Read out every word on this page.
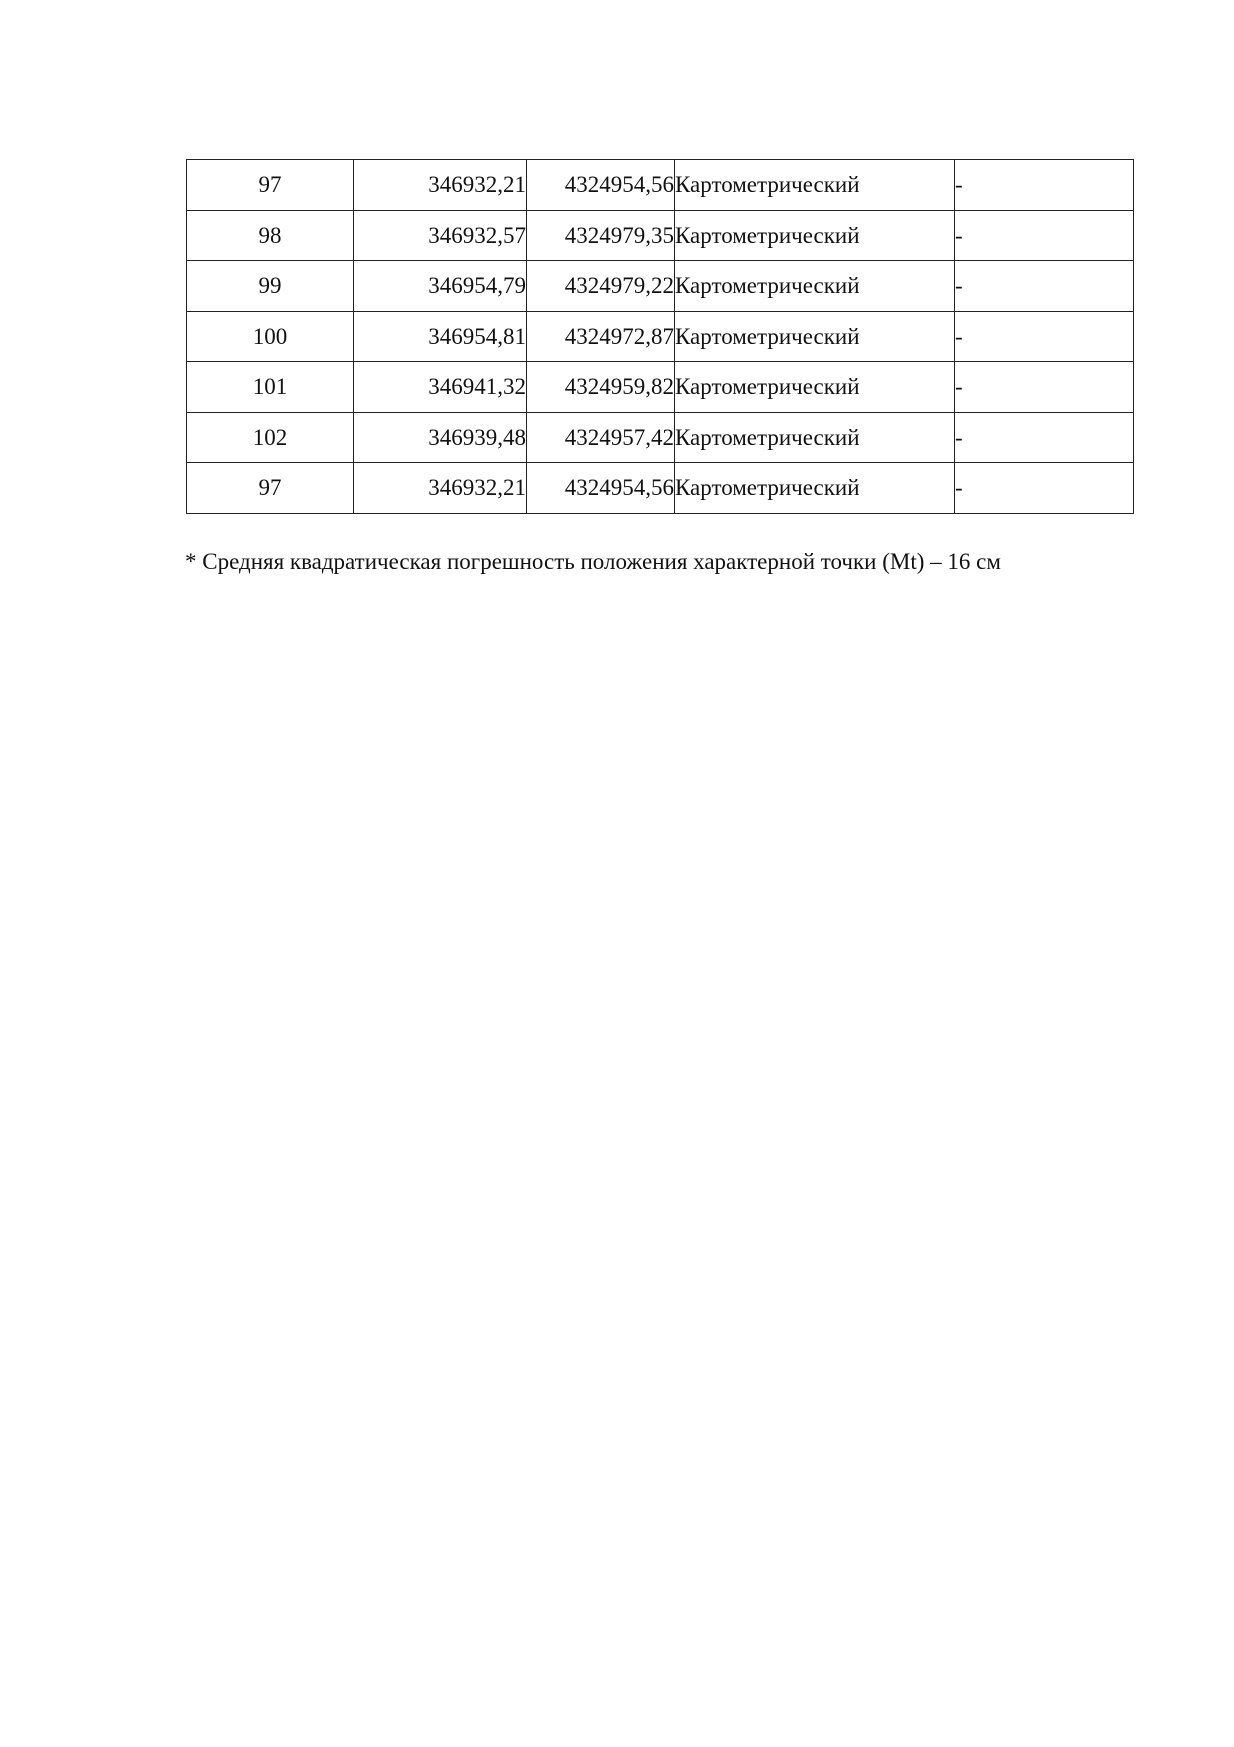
97	346932,21	4324954,56	Картометрический	-
98	346932,57	4324979,35	Картометрический	-
99	346954,79	4324979,22	Картометрический	-
100	346954,81	4324972,87	Картометрический	-
101	346941,32	4324959,82	Картометрический	-
102	346939,48	4324957,42	Картометрический	-
97	346932,21	4324954,56	Картометрический	-
* Средняя квадратическая погрешность положения характерной точки (Mt) – 16 см
